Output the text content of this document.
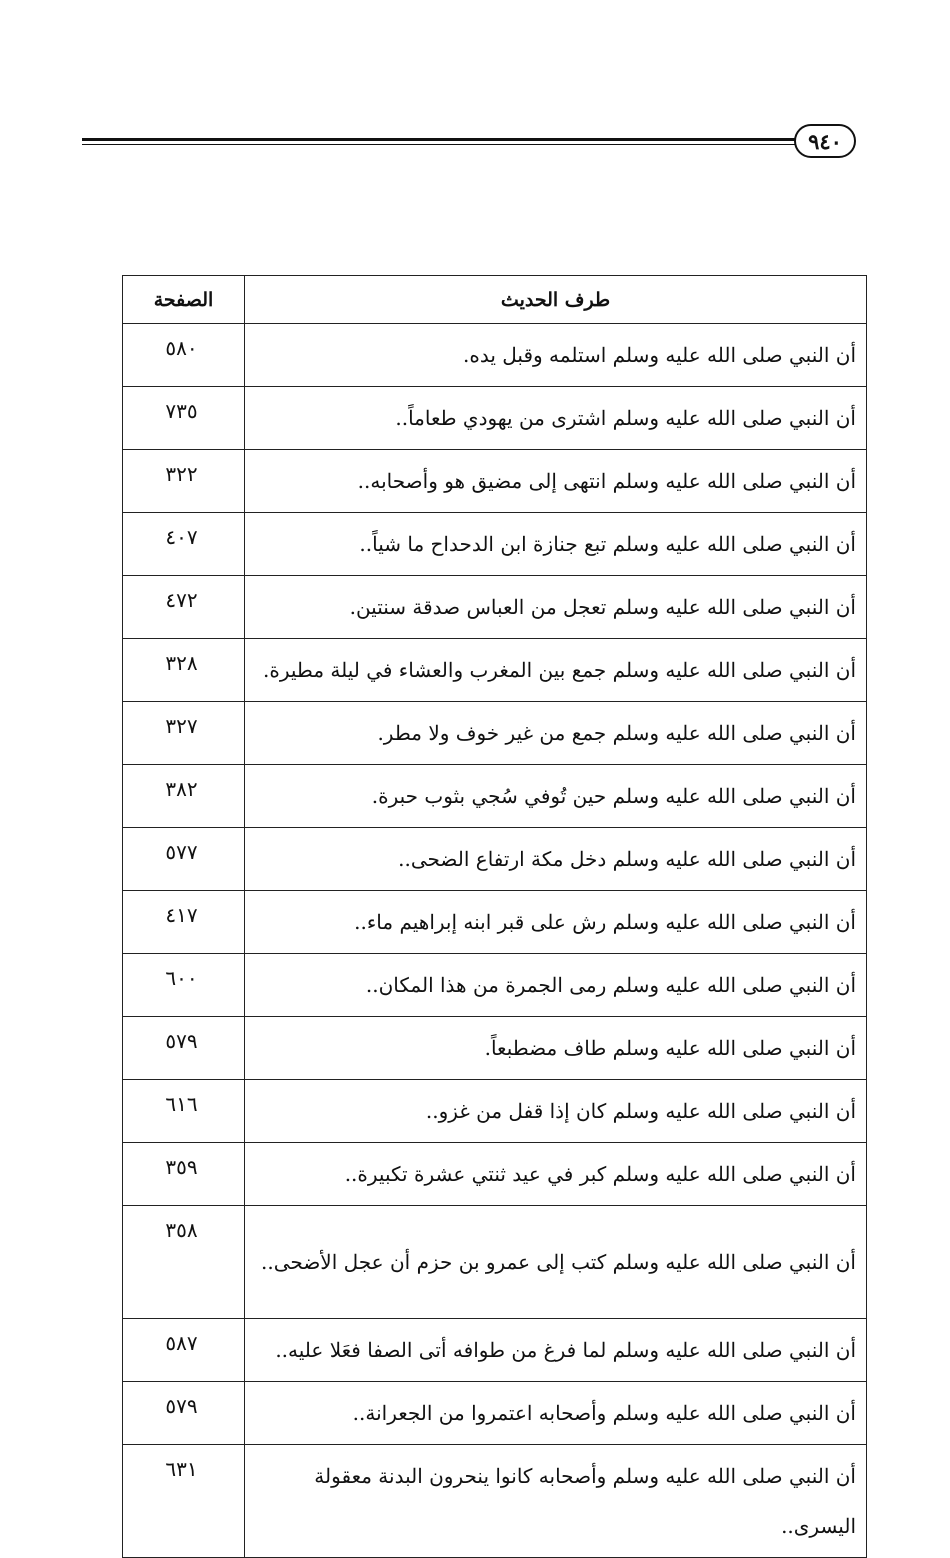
٩٤٠
طرف الحديث	الصفحة
أن النبي صلى الله عليه وسلم استلمه وقبل يده.	٥٨٠
أن النبي صلى الله عليه وسلم اشترى من يهودي طعاماً..	٧٣٥
أن النبي صلى الله عليه وسلم انتهى إلى مضيق هو وأصحابه..	٣٢٢
أن النبي صلى الله عليه وسلم تبع جنازة ابن الدحداح ما شياً..	٤٠٧
أن النبي صلى الله عليه وسلم تعجل من العباس صدقة سنتين.	٤٧٢
أن النبي صلى الله عليه وسلم جمع بين المغرب والعشاء في ليلة مطيرة.	٣٢٨
أن النبي صلى الله عليه وسلم جمع من غير خوف ولا مطر.	٣٢٧
أن النبي صلى الله عليه وسلم حين تُوفي سُجي بثوب حبرة.	٣٨٢
أن النبي صلى الله عليه وسلم دخل مكة ارتفاع الضحى..	٥٧٧
أن النبي صلى الله عليه وسلم رش على قبر ابنه إبراهيم ماء..	٤١٧
أن النبي صلى الله عليه وسلم رمى الجمرة من هذا المكان..	٦٠٠
أن النبي صلى الله عليه وسلم طاف مضطبعاً.	٥٧٩
أن النبي صلى الله عليه وسلم كان إذا قفل من غزو..	٦١٦
أن النبي صلى الله عليه وسلم كبر في عيد ثنتي عشرة تكبيرة..	٣٥٩
أن النبي صلى الله عليه وسلم كتب إلى عمرو بن حزم أن عجل الأضحى..	٣٥٨
أن النبي صلى الله عليه وسلم لما فرغ من طوافه أتى الصفا فعَلا عليه..	٥٨٧
أن النبي صلى الله عليه وسلم وأصحابه اعتمروا من الجعرانة..	٥٧٩
أن النبي صلى الله عليه وسلم وأصحابه كانوا ينحرون البدنة معقولة اليسرى..	٦٣١
